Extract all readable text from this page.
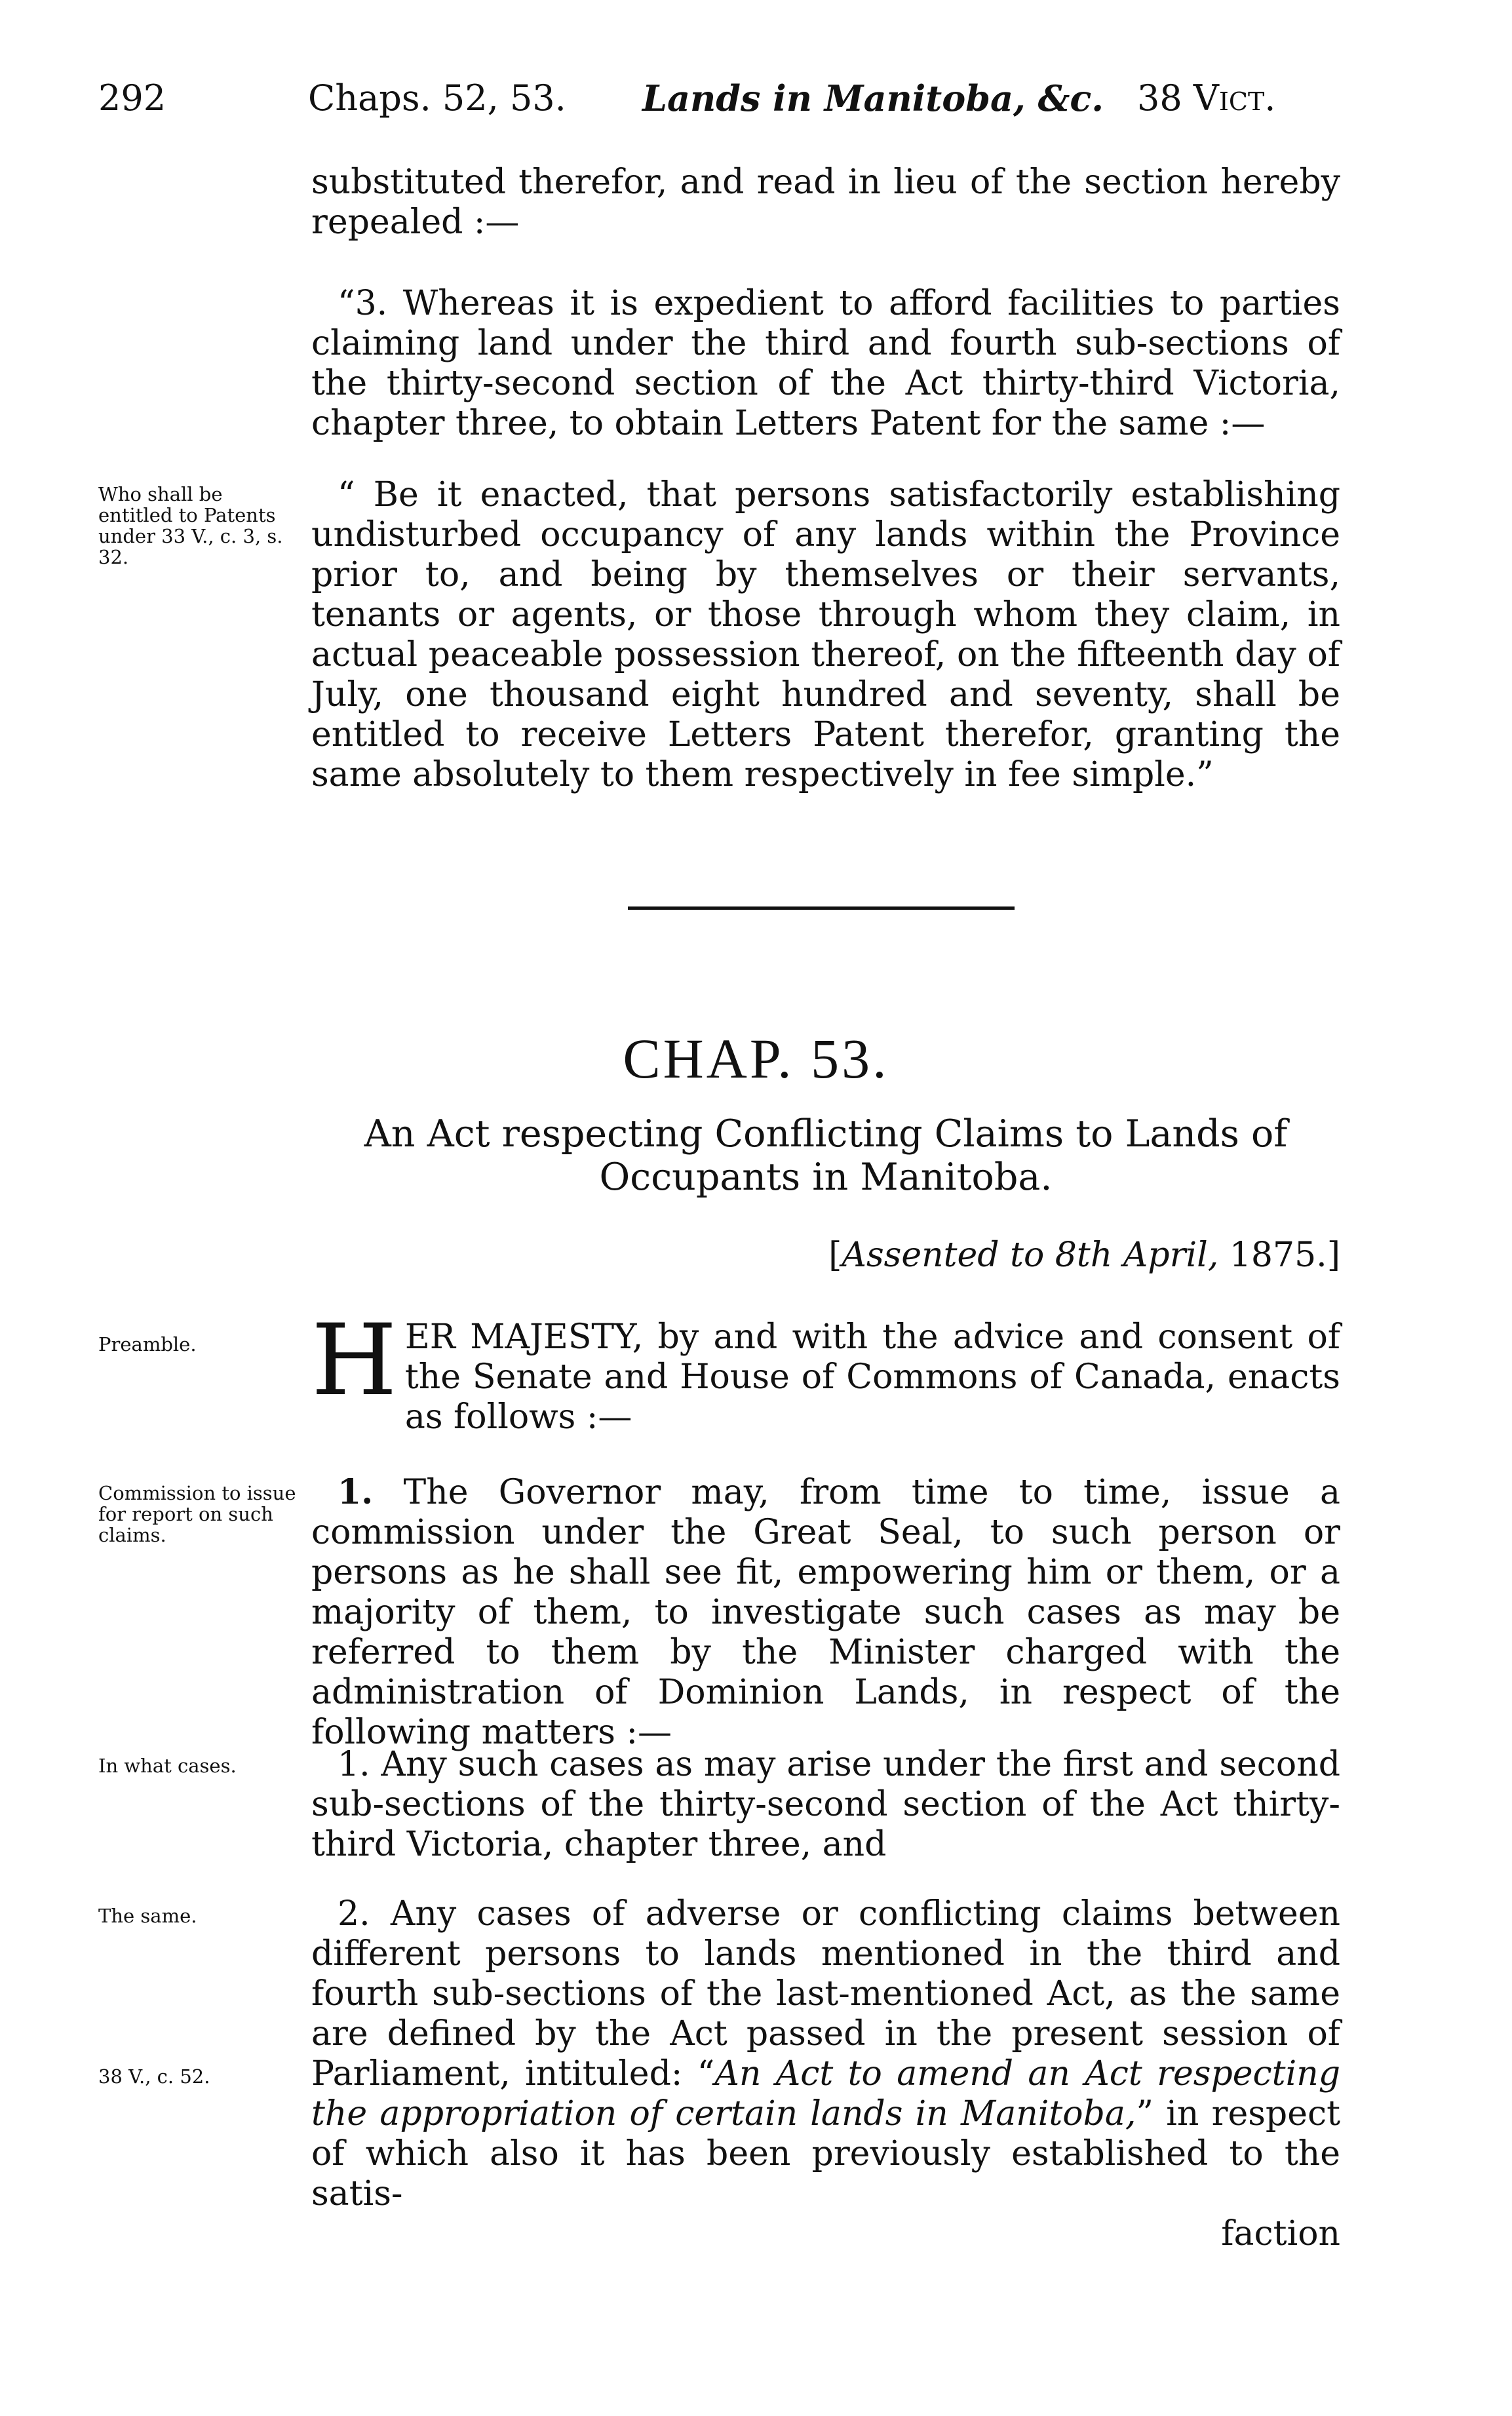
292	Chaps. 52, 53. Lands in Manitoba, &c. 38 Vict.

substituted therefor, and read in lieu of the section hereby repealed :—

“3. Whereas it is expedient to afford facilities to parties claiming land under the third and fourth sub-sections of the thirty-second section of the Act thirty-third Victoria, chapter three, to obtain Letters Patent for the same :—

Who shall be entitled to Patents under 33 V., c. 3, s. 32.

“ Be it enacted, that persons satisfactorily establishing undisturbed occupancy of any lands within the Province prior to, and being by themselves or their servants, tenants or agents, or those through whom they claim, in actual peaceable possession thereof, on the fifteenth day of July, one thousand eight hundred and seventy, shall be entitled to receive Letters Patent therefor, granting the same absolutely to them respectively in fee simple.”

CHAP. 53.
An Act respecting Conflicting Claims to Lands of Occupants in Manitoba.
[Assented to 8th April, 1875.]
Preamble.	HER MAJESTY, by and with the advice and consent of the Senate and House of Commons of Canada, enacts as follows :—
Commission to issue for report on such claims.

1. The Governor may, from time to time, issue a commission under the Great Seal, to such person or persons as he shall see fit, empowering him or them, or a majority of them, to investigate such cases as may be referred to them by the Minister charged with the administration of Dominion Lands, in respect of the following matters :—

In what cases.	1. Any such cases as may arise under the first and second sub-sections of the thirty-second section of the Act thirty-third Victoria, chapter three, and

The same.
38 V., c. 52.

2. Any cases of adverse or conflicting claims between different persons to lands mentioned in the third and fourth sub-sections of the last-mentioned Act, as the same are defined by the Act passed in the present session of Parliament, intituled: “An Act to amend an Act respecting the appropriation of certain lands in Manitoba,” in respect of which also it has been previously established to the satis-

faction
